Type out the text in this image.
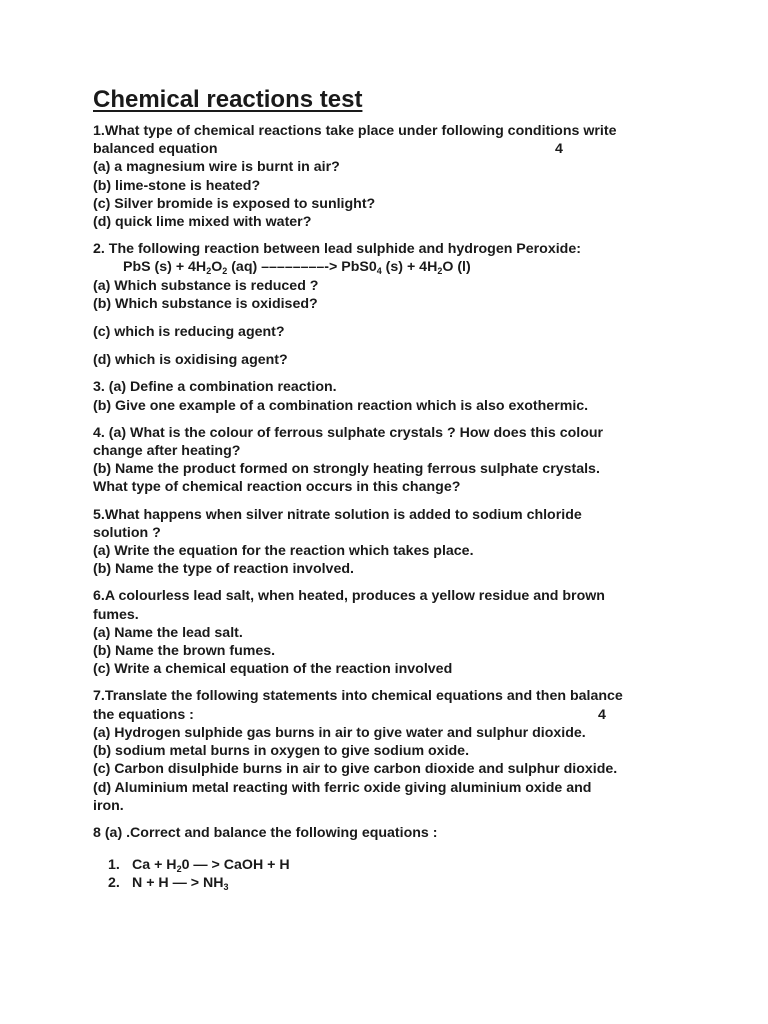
Chemical reactions test
1.What type of chemical reactions take place under following conditions write
balanced equation	4
(a) a magnesium wire is burnt in air?
(b) lime-stone is heated?
(c) Silver bromide is exposed to sunlight?
(d) quick lime mixed with water?
2. The following reaction between lead sulphide and hydrogen Peroxide:
PbS $(s) + 4H_2O_2$ (aq) ––––––––-> $PbS0_4$ $(s) + 4H_2O$ (l)
(a) Which substance is reduced ?
(b) Which substance is oxidised?
(c) which is reducing agent?
(d) which is oxidising agent?
3. (a) Define a combination reaction.
(b) Give one example of a combination reaction which is also exothermic.
4. (a) What is the colour of ferrous sulphate crystals ? How does this colour
change after heating?
(b) Name the product formed on strongly heating ferrous sulphate crystals.
What type of chemical reaction occurs in this change?
5.What happens when silver nitrate solution is added to sodium chloride
solution ?
(a) Write the equation for the reaction which takes place.
(b) Name the type of reaction involved.
6.A colourless lead salt, when heated, produces a yellow residue and brown
fumes.
(a) Name the lead salt.
(b) Name the brown fumes.
(c) Write a chemical equation of the reaction involved
7.Translate the following statements into chemical equations and then balance
the equations :	4
(a) Hydrogen sulphide gas burns in air to give water and sulphur dioxide.
(b) sodium metal burns in oxygen to give sodium oxide.
(c) Carbon disulphide burns in air to give carbon dioxide and sulphur dioxide.
(d) Aluminium metal reacting with ferric oxide giving aluminium oxide and
iron.
8 (a) .Correct and balance the following equations :
1. $Ca + H_20$ — > CaOH + H
2. N + H — > $NH_3$
